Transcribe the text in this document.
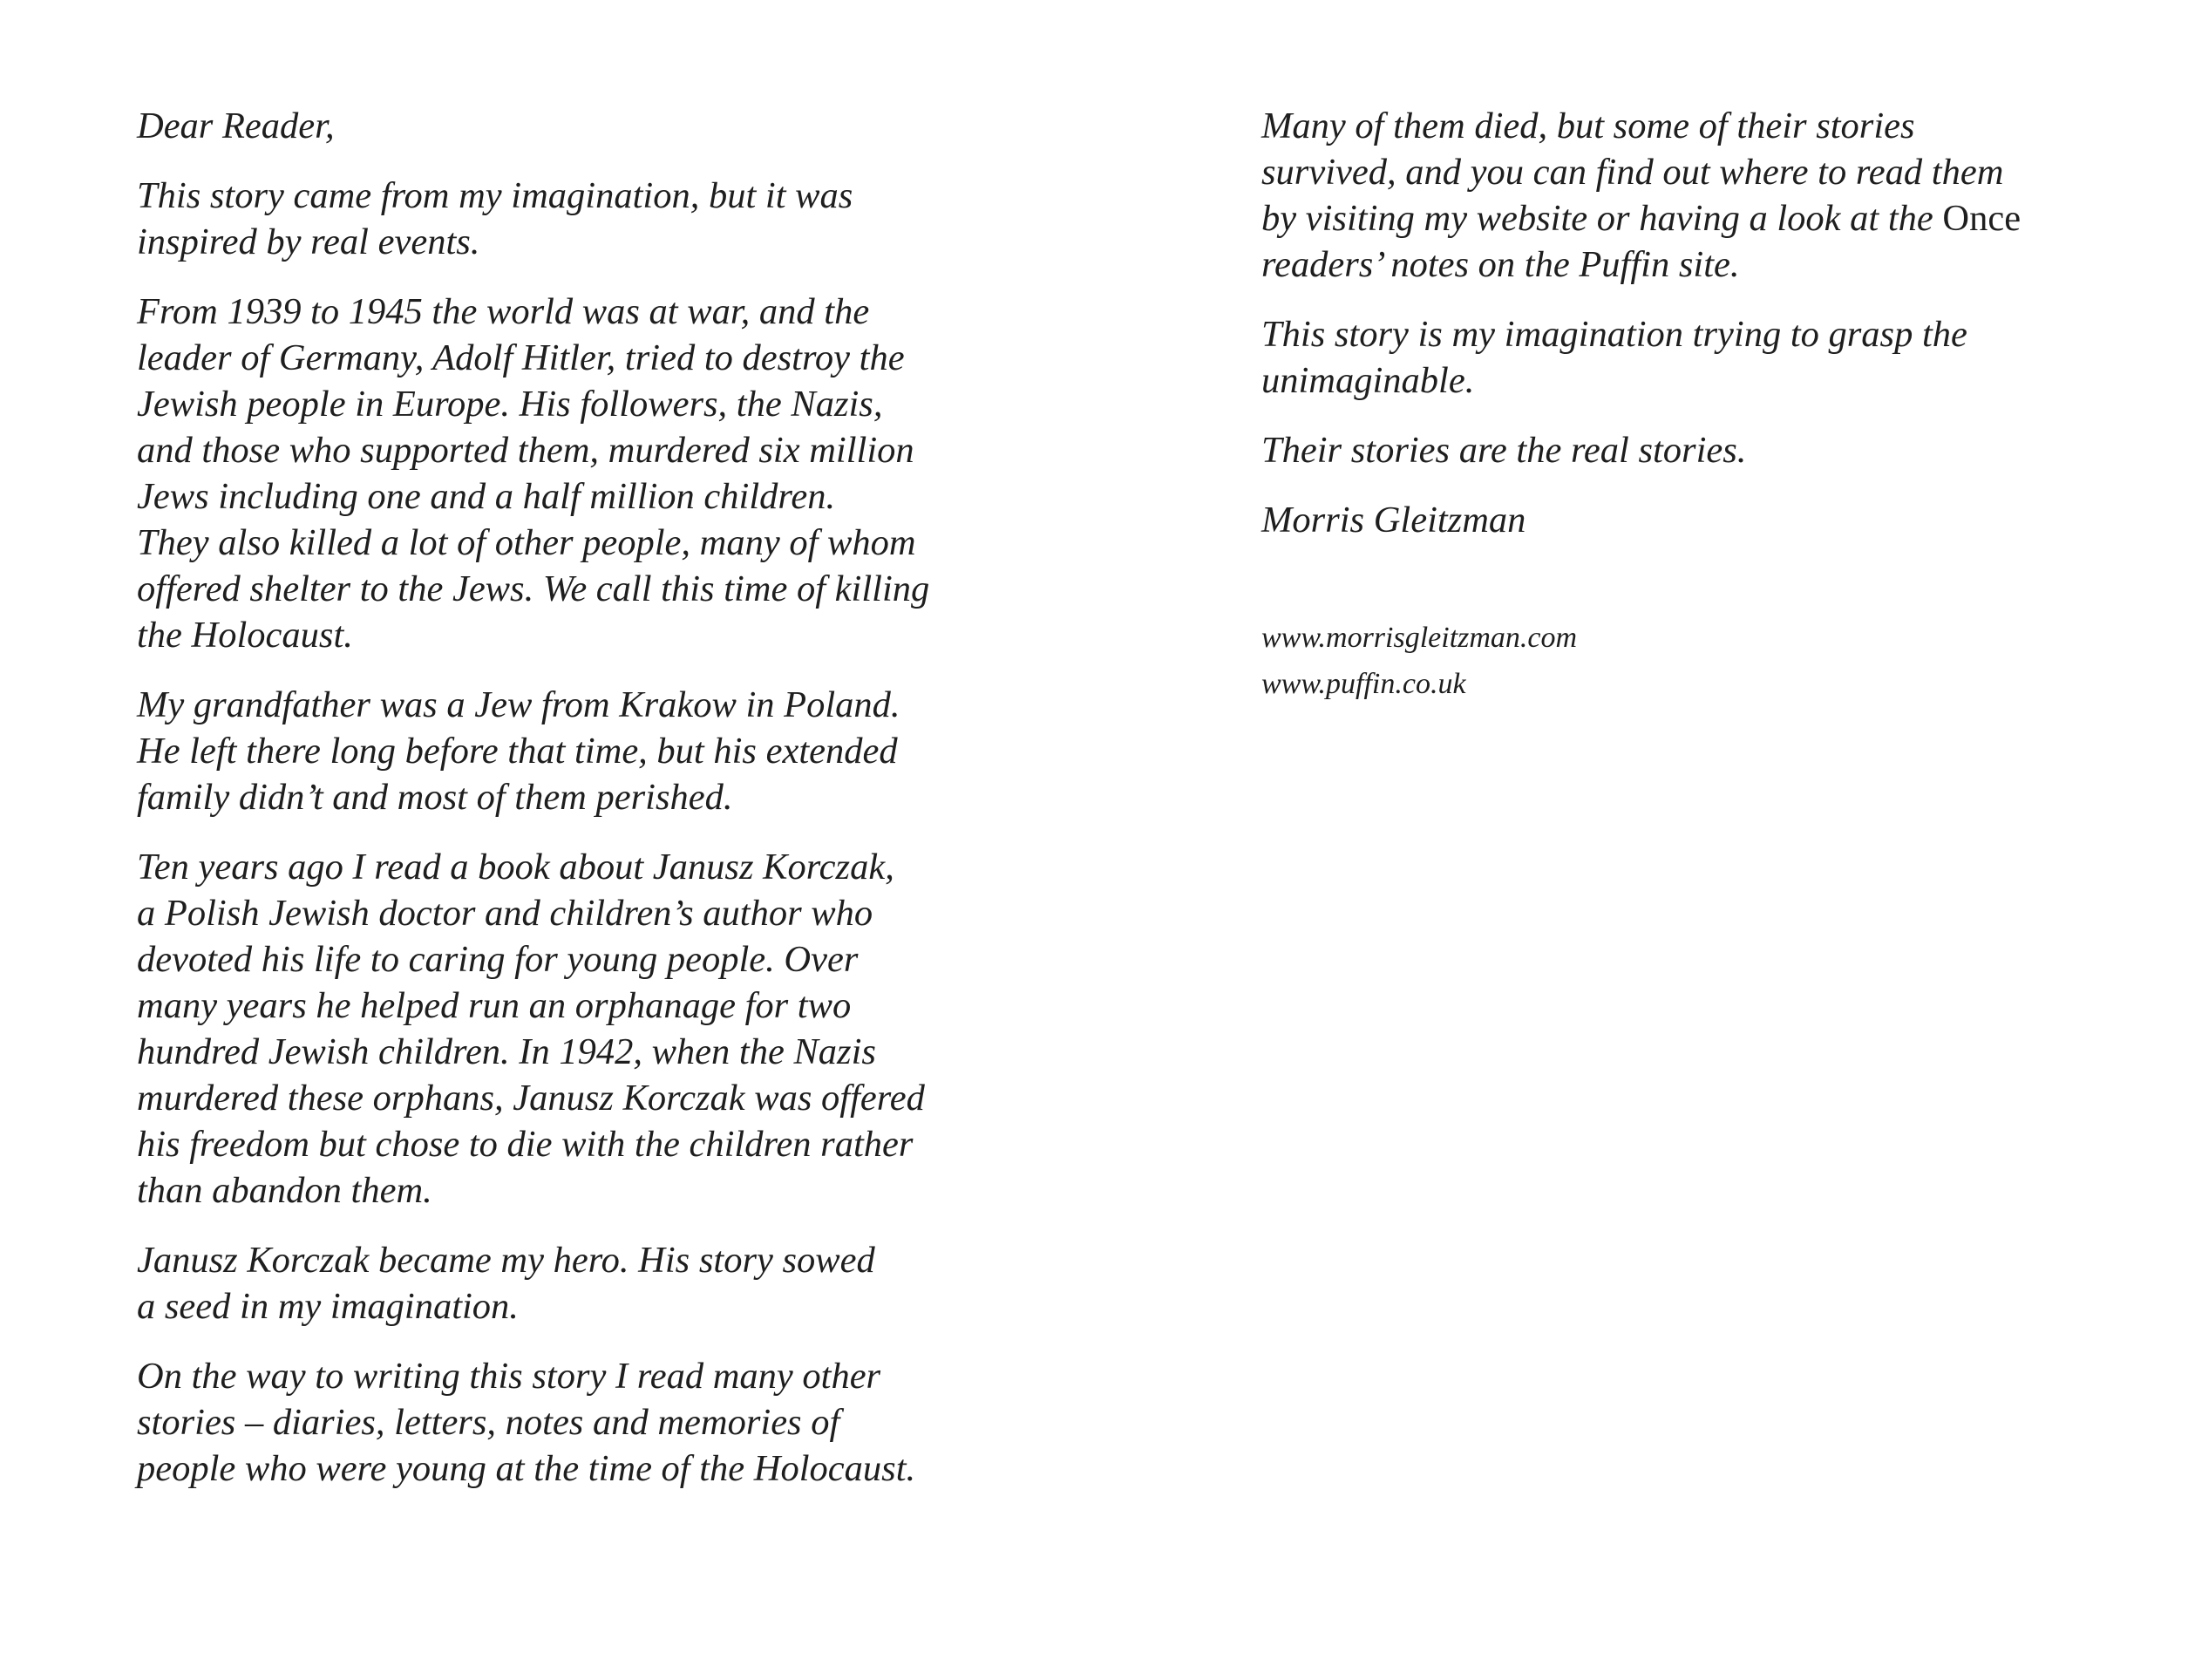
Dear Reader,
This story came from my imagination, but it was
inspired by real events.
From 1939 to 1945 the world was at war, and the
leader of Germany, Adolf Hitler, tried to destroy the
Jewish people in Europe. His followers, the Nazis,
and those who supported them, murdered six million
Jews including one and a half million children.
They also killed a lot of other people, many of whom
offered shelter to the Jews. We call this time of killing
the Holocaust.
My grandfather was a Jew from Krakow in Poland.
He left there long before that time, but his extended
family didn’t and most of them perished.
Ten years ago I read a book about Janusz Korczak,
a Polish Jewish doctor and children’s author who
devoted his life to caring for young people. Over
many years he helped run an orphanage for two
hundred Jewish children. In 1942, when the Nazis
murdered these orphans, Janusz Korczak was offered
his freedom but chose to die with the children rather
than abandon them.
Janusz Korczak became my hero. His story sowed
a seed in my imagination.
On the way to writing this story I read many other
stories – diaries, letters, notes and memories of
people who were young at the time of the Holocaust.
Many of them died, but some of their stories
survived, and you can find out where to read them
by visiting my website or having a look at the Once
readers’ notes on the Puffin site.
This story is my imagination trying to grasp the
unimaginable.
Their stories are the real stories.
Morris Gleitzman
www.morrisgleitzman.com
www.puffin.co.uk
